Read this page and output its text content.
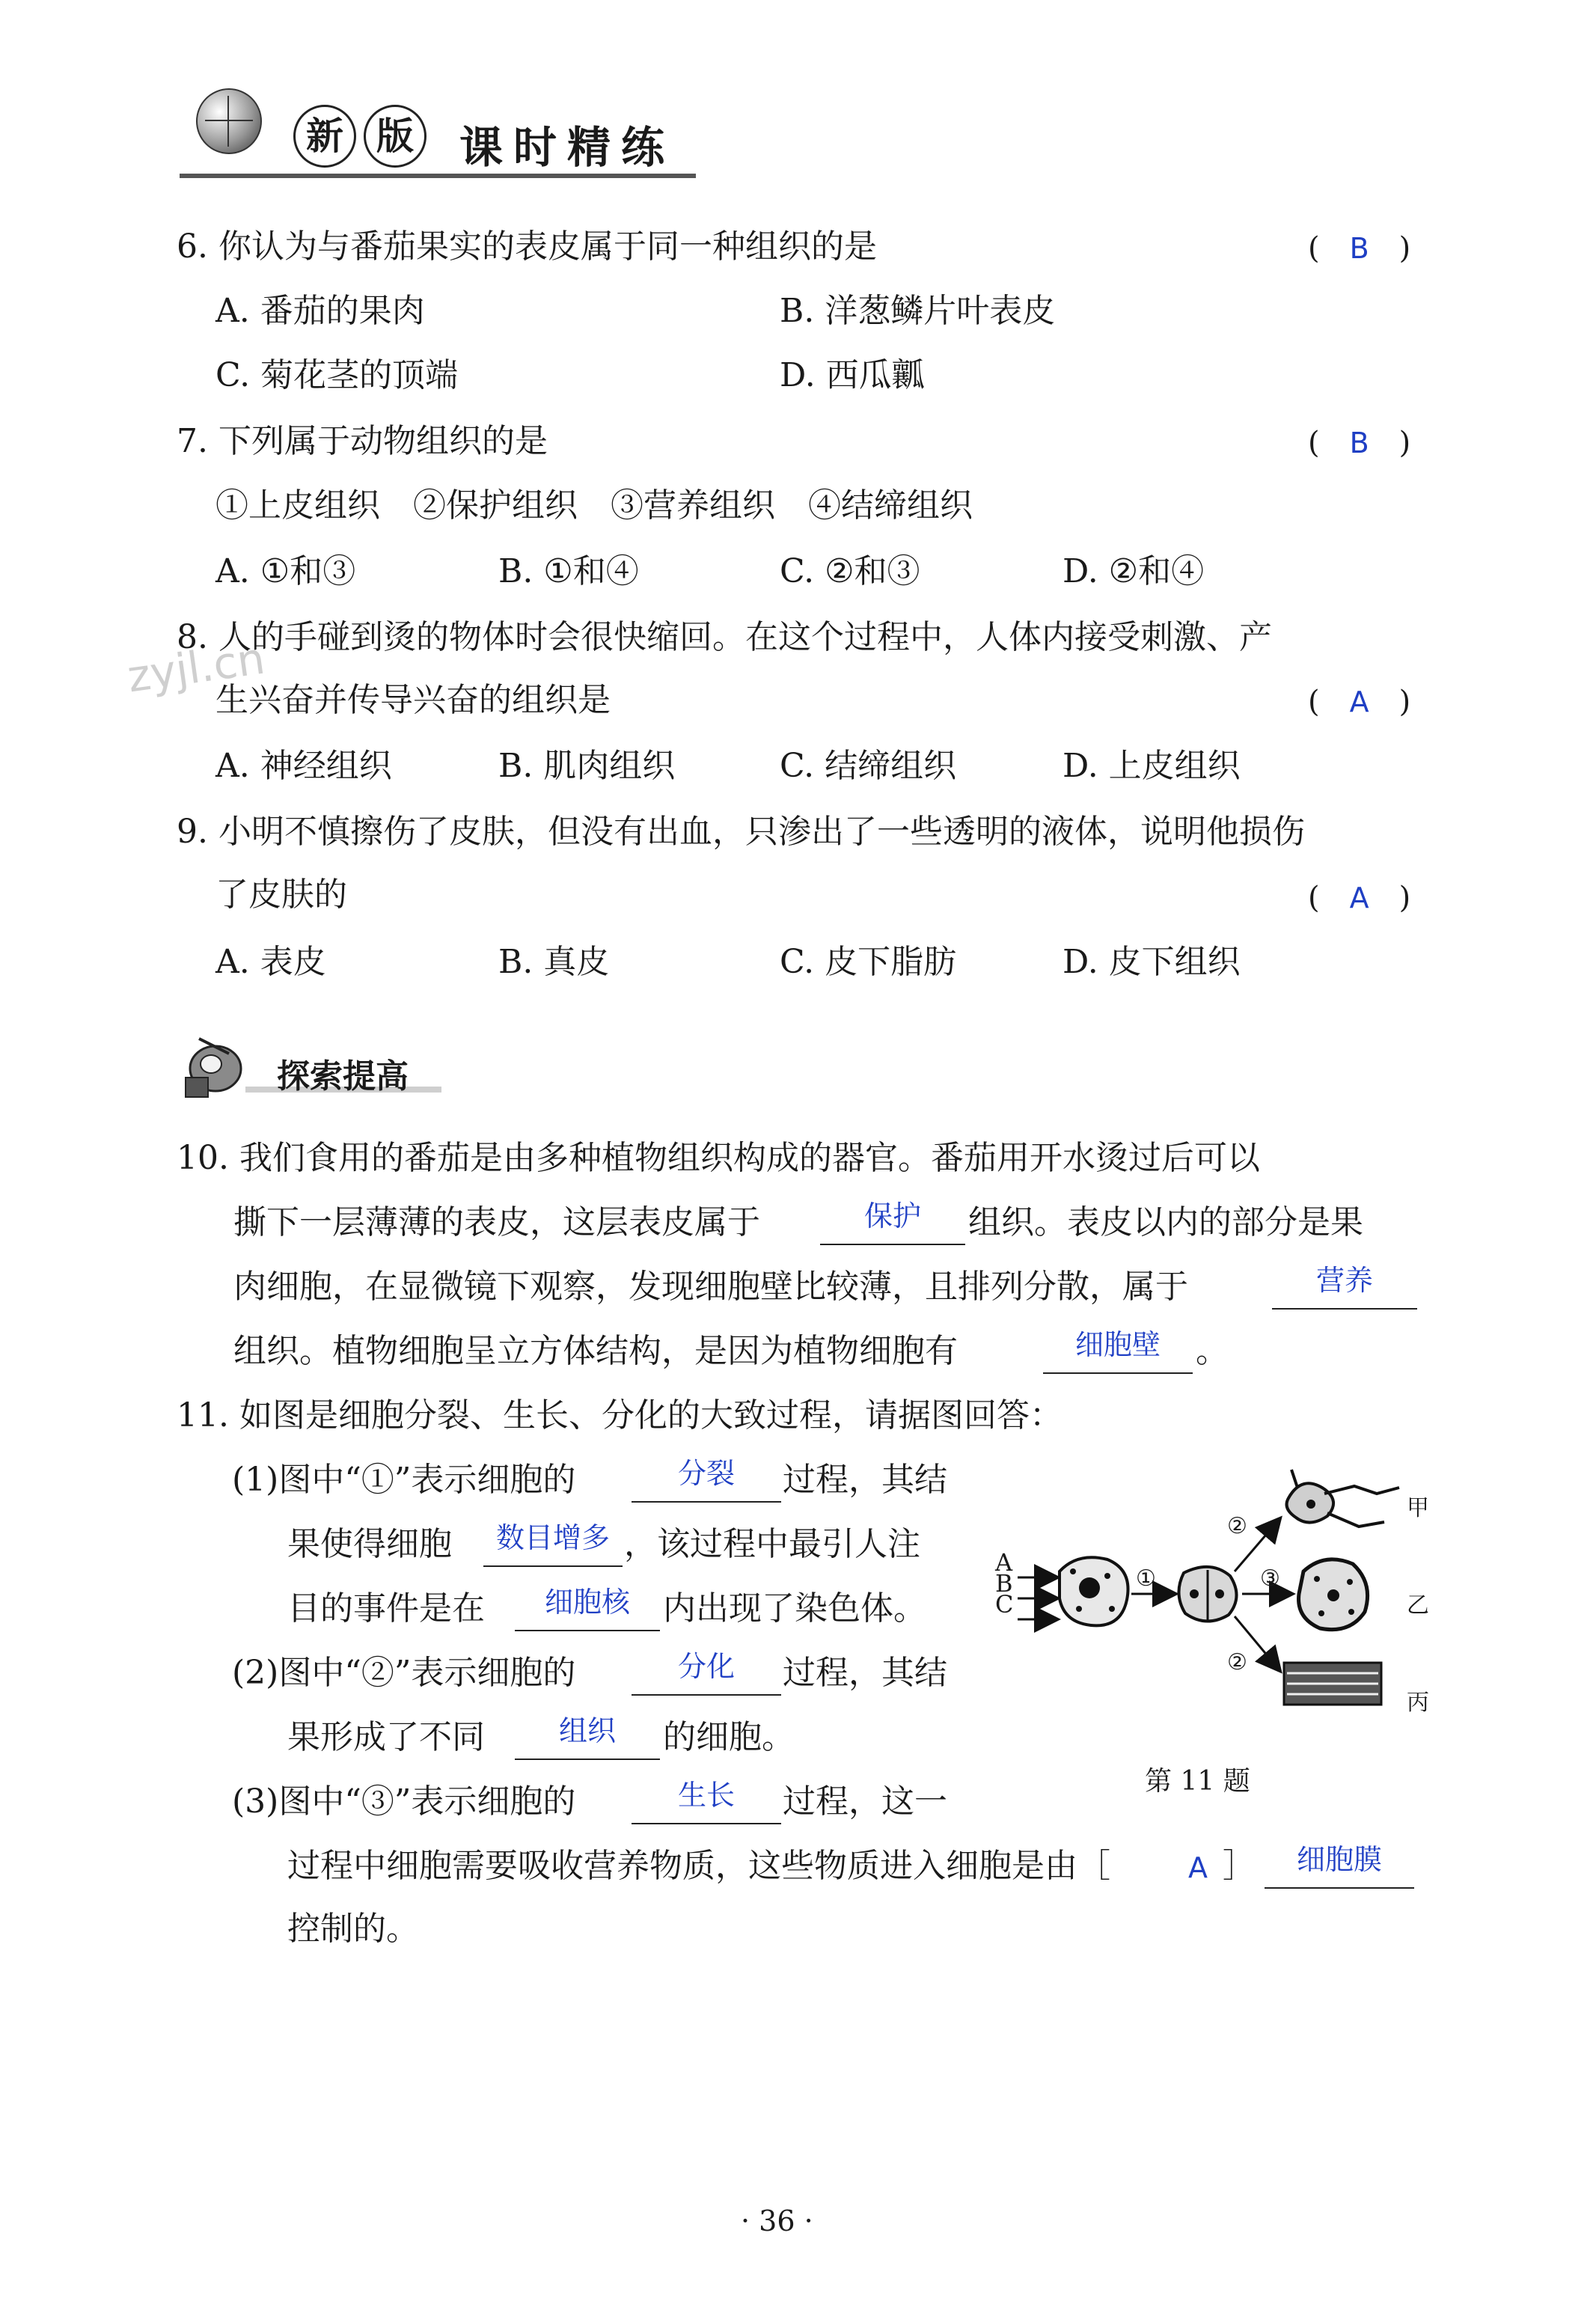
新 版 课时精练
zyjl.cn
6. 你认为与番茄果实的表皮属于同一种组织的是	(　B　)
A. 番茄的果肉	B. 洋葱鳞片叶表皮
C. 菊花茎的顶端	D. 西瓜瓤
7. 下列属于动物组织的是	(　B　)
①上皮组织　②保护组织　③营养组织　④结缔组织
A. ①和③	B. ①和④	C. ②和③	D. ②和④
8. 人的手碰到烫的物体时会很快缩回。在这个过程中，人体内接受刺激、产
生兴奋并传导兴奋的组织是	(　A　)
A. 神经组织	B. 肌肉组织	C. 结缔组织	D. 上皮组织
9. 小明不慎擦伤了皮肤，但没有出血，只渗出了一些透明的液体，说明他损伤
了皮肤的	(　A　)
A. 表皮	B. 真皮	C. 皮下脂肪	D. 皮下组织
探索提高
10. 我们食用的番茄是由多种植物组织构成的器官。番茄用开水烫过后可以
撕下一层薄薄的表皮，这层表皮属于	保护	组织。表皮以内的部分是果
肉细胞，在显微镜下观察，发现细胞壁比较薄，且排列分散，属于	营养
组织。植物细胞呈立方体结构，是因为植物细胞有	细胞壁	。
11. 如图是细胞分裂、生长、分化的大致过程，请据图回答：
(1)图中“①”表示细胞的	分裂	过程，其结
果使得细胞	数目增多 ，该过程中最引人注
目的事件是在	细胞核	内出现了染色体。
(2)图中“②”表示细胞的	分化	过程，其结
果形成了不同	组织	的细胞。
(3)图中“③”表示细胞的	生长	过程，这一
过程中细胞需要吸收营养物质，这些物质进入细胞是由［	A ］	细胞膜
控制的。
A
B
C
①
②
③
②
甲
乙
丙
第 11 题
· 36 ·
